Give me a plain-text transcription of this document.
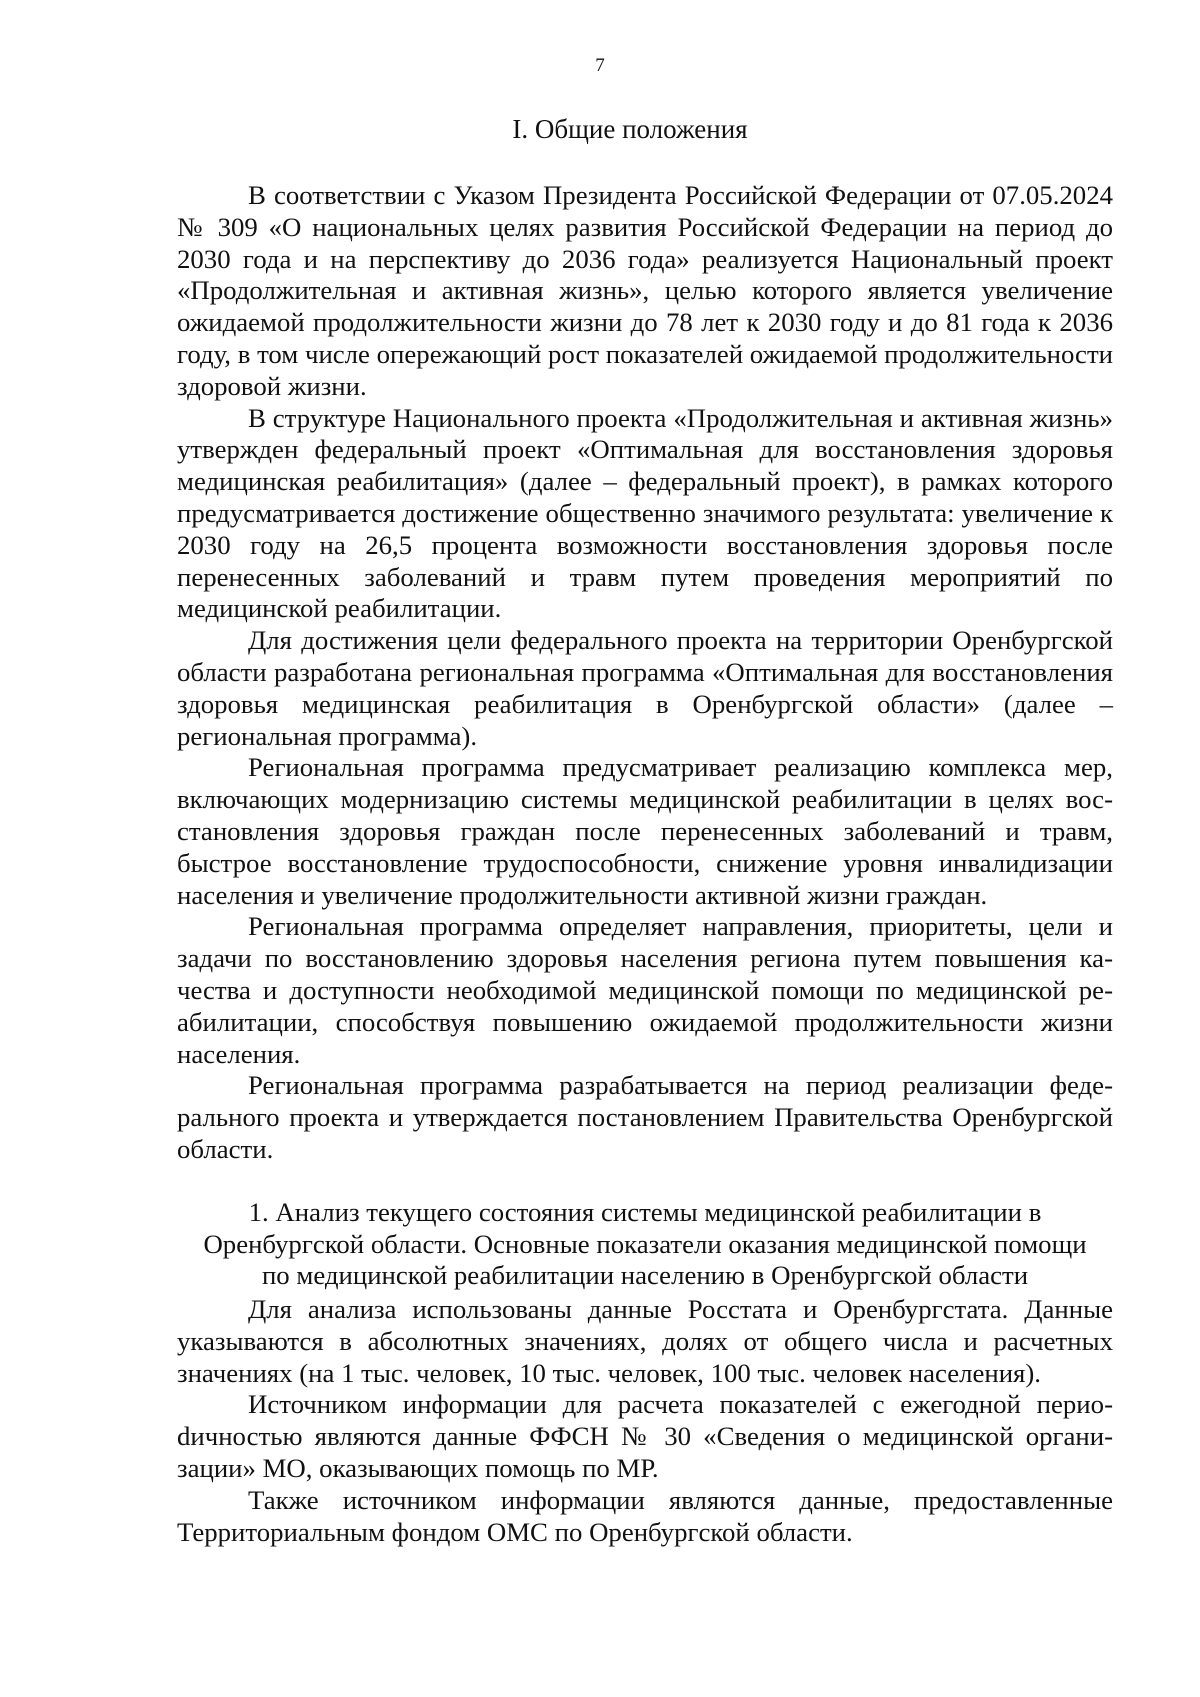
7
I. Общие положения

В соответствии с Указом Президента Российской Федерации от 07.05.2024 № 309 «О национальных целях развития Российской Федерации на период до 2030 года и на перспективу до 2036 года» реализуется Национальный проект «Продолжительная и активная жизнь», целью которого является увеличение ожидаемой продолжительности жизни до 78 лет к 2030 году и до 81 года к 2036 году, в том числе опережающий рост показателей ожидаемой продолжительности здоровой жизни.

В структуре Национального проекта «Продолжительная и активная жизнь» утвержден федеральный проект «Оптимальная для восстановления здоровья медицинская реабилитация» (далее – федеральный проект), в рамках которого предусматривается достижение общественно значимого результата: увеличение к 2030 году на 26,5 процента возможности восстановления здоровья после перенесенных заболеваний и травм путем проведения мероприятий по медицинской реабилитации.

Для достижения цели федерального проекта на территории Оренбургской области разработана региональная программа «Оптимальная для восстановления здоровья медицинская реабилитация в Оренбургской области» (далее – региональная программа).

Региональная программа предусматривает реализацию комплекса мер, включающих модернизацию системы медицинской реабилитации в целях восстановления здоровья граждан после перенесенных заболеваний и травм, быстрое восстановление трудоспособности, снижение уровня инвалидизации населения и увеличение продолжительности активной жизни граждан.

Региональная программа определяет направления, приоритеты, цели и задачи по восстановлению здоровья населения региона путем повышения качества и доступности необходимой медицинской помощи по медицинской реабилитации, способствуя повышению ожидаемой продолжительности жизни населения.

Региональная программа разрабатывается на период реализации федерального проекта и утверждается постановлением Правительства Оренбургской области.

1. Анализ текущего состояния системы медицинской реабилитации в
Оренбургской области. Основные показатели оказания медицинской помощи
по медицинской реабилитации населению в Оренбургской области

Для анализа использованы данные Росстата и Оренбургстата. Данные указываются в абсолютных значениях, долях от общего числа и расчетных значениях (на 1 тыс. человек, 10 тыс. человек, 100 тыс. человек населения).

Источником информации для расчета показателей с ежегодной периоdичностью являются данные ФФСН № 30 «Сведения о медицинской организации» МО, оказывающих помощь по МР.

Также источником информации являются данные, предоставленные Территориальным фондом ОМС по Оренбургской области.
